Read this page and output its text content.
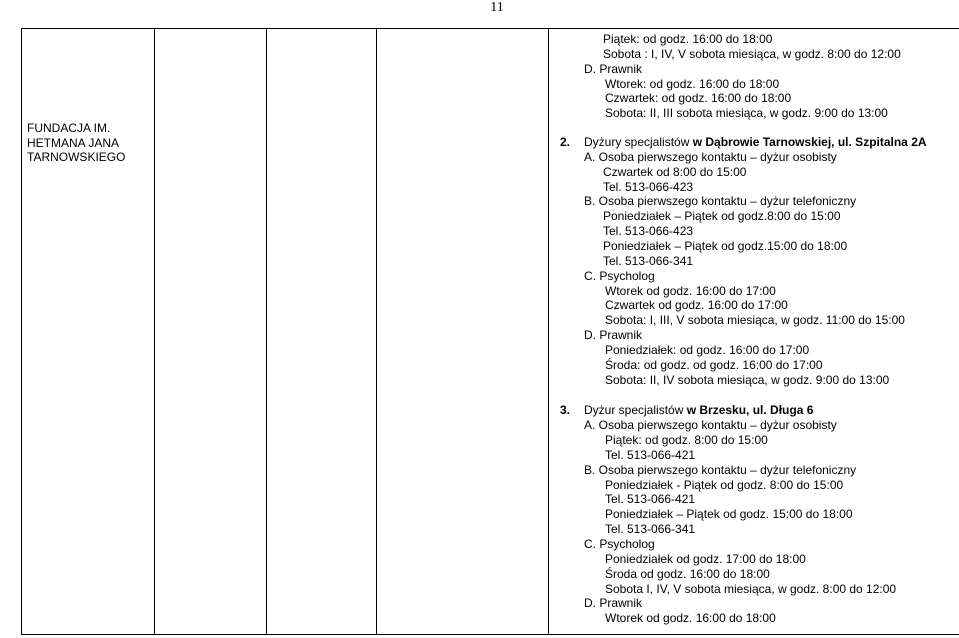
11
FUNDACJA IM.
HETMANA JANA
TARNOWSKIEGO
Piątek: od godz. 16:00 do 18:00
Sobota : I, IV, V sobota miesiąca, w godz. 8:00 do 12:00
D. Prawnik
Wtorek: od godz. 16:00 do 18:00
Czwartek: od godz. 16:00 do 18:00
Sobota: II, III sobota miesiąca, w godz. 9:00 do 13:00
2.	Dyżury specjalistów w Dąbrowie Tarnowskiej, ul. Szpitalna 2A
A. Osoba pierwszego kontaktu – dyżur osobisty
Czwartek od 8:00 do 15:00
Tel. 513-066-423
B. Osoba pierwszego kontaktu – dyżur telefoniczny
Poniedziałek – Piątek od godz.8:00 do 15:00
Tel. 513-066-423
Poniedziałek – Piątek od godz.15:00 do 18:00
Tel. 513-066-341
C. Psycholog
Wtorek od godz. 16:00 do 17:00
Czwartek od godz. 16:00 do 17:00
Sobota: I, III, V sobota miesiąca, w godz. 11:00 do 15:00
D. Prawnik
Poniedziałek: od godz. 16:00 do 17:00
Środa: od godz. od godz. 16:00 do 17:00
Sobota: II, IV sobota miesiąca, w godz. 9:00 do 13:00
3.	Dyżur specjalistów w Brzesku, ul. Długa 6
A. Osoba pierwszego kontaktu – dyżur osobisty
Piątek: od godz. 8:00 do 15:00
Tel. 513-066-421
B. Osoba pierwszego kontaktu – dyżur telefoniczny
Poniedziałek - Piątek od godz. 8:00 do 15:00
Tel. 513-066-421
Poniedziałek – Piątek od godz. 15:00 do 18:00
Tel. 513-066-341
C. Psycholog
Poniedziałek od godz. 17:00 do 18:00
Środa od godz. 16:00 do 18:00
Sobota I, IV, V sobota miesiąca, w godz. 8:00 do 12:00
D. Prawnik
Wtorek od godz. 16:00 do 18:00
